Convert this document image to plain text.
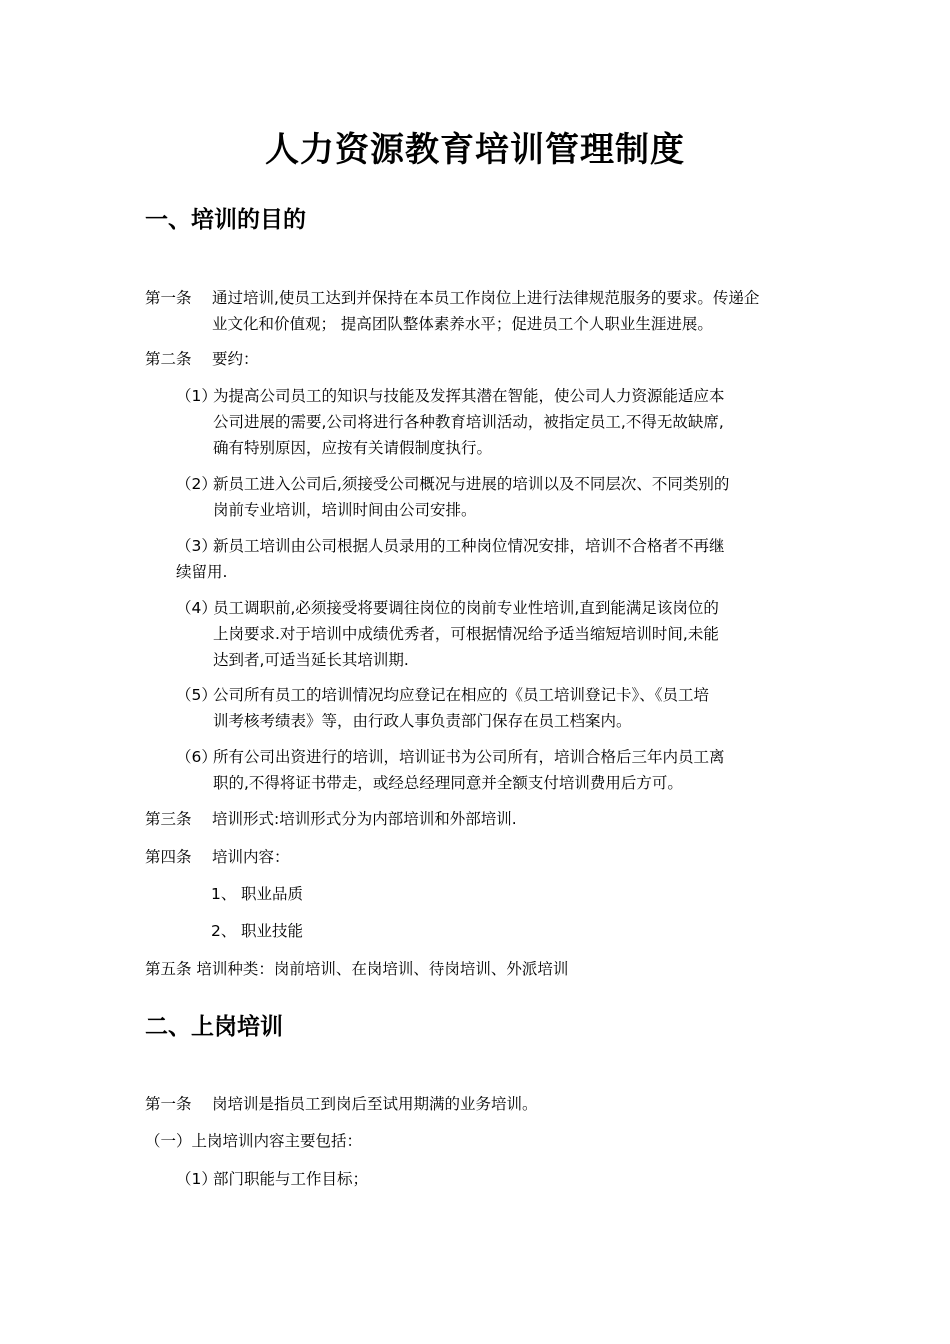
人力资源教育培训管理制度
一、培训的目的
第一条 通过培训,使员工达到并保持在本员工作岗位上进行法律规范服务的要求。传递企
业文化和价值观； 提高团队整体素养水平；促进员工个人职业生涯进展。
第二条 要约：
（1）为提高公司员工的知识与技能及发挥其潜在智能，使公司人力资源能适应本
公司进展的需要,公司将进行各种教育培训活动，被指定员工,不得无故缺席,
确有特别原因，应按有关请假制度执行。
（2）新员工进入公司后,须接受公司概况与进展的培训以及不同层次、不同类别的
岗前专业培训，培训时间由公司安排。
（3）新员工培训由公司根据人员录用的工种岗位情况安排，培训不合格者不再继
续留用.
（4）员工调职前,必须接受将要调往岗位的岗前专业性培训,直到能满足该岗位的
上岗要求.对于培训中成绩优秀者，可根据情况给予适当缩短培训时间,未能
达到者,可适当延长其培训期.
（5）公司所有员工的培训情况均应登记在相应的《员工培训登记卡》、《员工培
训考核考绩表》等，由行政人事负责部门保存在员工档案内。
（6）所有公司出资进行的培训，培训证书为公司所有，培训合格后三年内员工离
职的,不得将证书带走，或经总经理同意并全额支付培训费用后方可。
第三条 培训形式:培训形式分为内部培训和外部培训.
第四条 培训内容：
1、 职业品质
2、 职业技能
第五条 培训种类：岗前培训、在岗培训、待岗培训、外派培训
二、上岗培训
第一条 岗培训是指员工到岗后至试用期满的业务培训。
（一）上岗培训内容主要包括：
（1）部门职能与工作目标；
